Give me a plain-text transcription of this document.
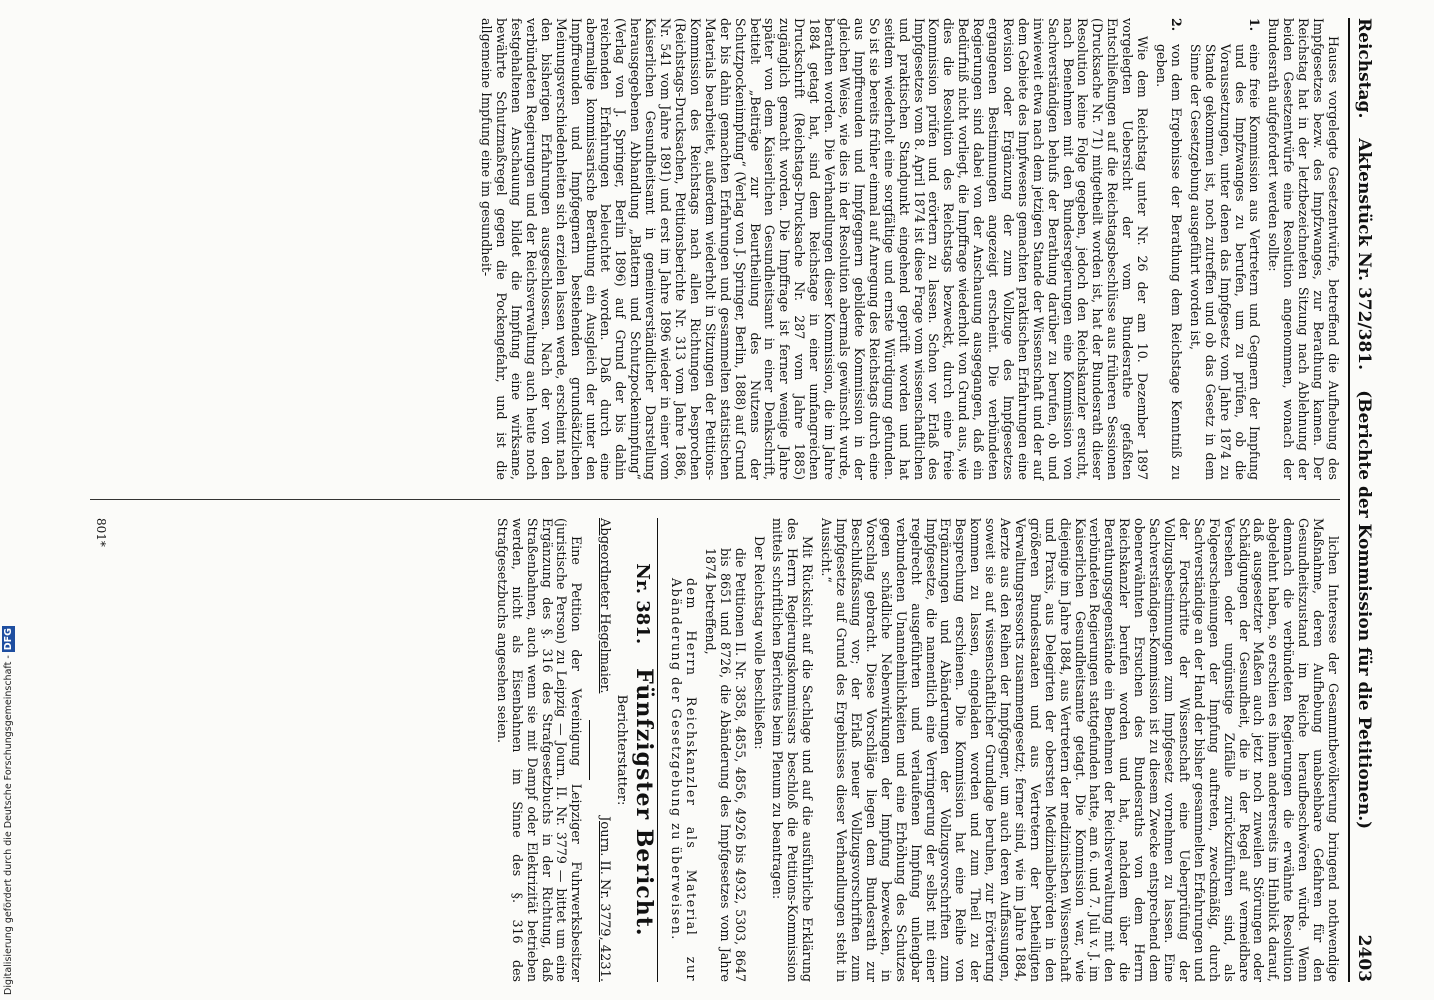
Reichstag.
Aktenstück Nr. 372/381.
(Berichte der Kommission für die Petitionen.)
2403

Hauses vorgelegte Gesetzentwürfe, betreffend die Aufhebung des Impfgesetzes bezw. des Impfzwanges, zur Berathung kamen. Der Reichstag hat in der letztbezeichneten Sitzung nach Ablehnung der beiden Gesetzentwürfe eine Resolution angenommen, wonach der Bundesrath aufgefordert werden sollte:

1.
eine freie Kommission aus Vertretern und Gegnern der Impfung und des Impfzwanges zu berufen, um zu prüfen, ob die Voraussetzungen, unter denen das Impfgesetz vom Jahre 1874 zu Stande gekommen ist, noch zutreffen und ob das Gesetz in dem Sinne der Gesetzgebung ausgeführt worden ist,

2.
von dem Ergebnisse der Berathung dem Reichstage Kenntniß zu geben.

Wie dem Reichstag unter Nr. 26 der am 10. Dezember 1897 vorgelegten Uebersicht der vom Bundesrathe gefaßten Entschließungen auf die Reichstagsbeschlüsse aus früheren Sessionen (Drucksache Nr. 71) mitgetheilt worden ist, hat der Bundesrath dieser Resolution keine Folge gegeben, jedoch den Reichskanzler ersucht, nach Benehmen mit den Bundesregierungen eine Kommission von Sachverständigen behufs der Berathung darüber zu berufen, ob und inwieweit etwa nach dem jetzigen Stande der Wissenschaft und der auf dem Gebiete des Impfwesens gemachten praktischen Erfahrungen eine Revision oder Ergänzung der zum Vollzuge des Impfgesetzes ergangenen Bestimmungen angezeigt erscheint. Die verbündeten Regierungen sind dabei von der Anschauung ausgegangen, daß ein Bedürfniß nicht vorliegt, die Impffrage wiederholt von Grund aus, wie dies die Resolution des Reichstags bezweckt, durch eine freie Kommission prüfen und erörtern zu lassen. Schon vor Erlaß des Impfgesetzes vom 8. April 1874 ist diese Frage vom wissenschaftlichen und praktischen Standpunkt eingehend geprüft worden und hat seitdem wiederholt eine sorgfältige und ernste Würdigung gefunden. So ist sie bereits früher einmal auf Anregung des Reichstags durch eine aus Impffreunden und Impfgegnern gebildete Kommission in der gleichen Weise, wie dies in der Resolution abermals gewünscht wurde, berathen worden. Die Verhandlungen dieser Kommission, die im Jahre 1884 getagt hat, sind dem Reichstage in einer umfangreichen Druckschrift (Reichstags-Drucksache Nr. 287 vom Jahre 1885) zugänglich gemacht worden. Die Impffrage ist ferner wenige Jahre später von dem Kaiserlichen Gesundheitsamt in einer Denkschrift, betitelt „Beiträge zur Beurtheilung des Nutzens der Schutzpockenimpfung“ (Verlag von J. Springer, Berlin, 1888) auf Grund der bis dahin gemachten Erfahrungen und gesammelten statistischen Materials bearbeitet, außerdem wiederholt in Sitzungen der Petitions-Kommission des Reichstags nach allen Richtungen besprochen (Reichstags-Drucksachen, Petitionsberichte Nr. 313 vom Jahre 1886, Nr. 541 vom Jahre 1891) und erst im Jahre 1896 wieder in einer vom Kaiserlichen Gesundheitsamt in gemeinverständlicher Darstellung herausgegebenen Abhandlung „Blattern und Schutzpockenimpfung“ (Verlag von J. Springer, Berlin 1896) auf Grund der bis dahin reichenden Erfahrungen beleuchtet worden. Daß durch eine abermalige kommissarische Berathung ein Ausgleich der unter den Impffreunden und Impfgegnern bestehenden grundsätzlichen Meinungsverschiedenheiten sich erzielen lassen werde, erscheint nach den bisherigen Erfahrungen ausgeschlossen. Nach der von den verbündeten Regierungen und der Reichsverwaltung auch heute noch festgehaltenen Anschauung bildet die Impfung eine wirksame, bewährte Schutzmaßregel gegen die Pockengefahr, und ist die allgemeine Impfung eine im gesundheit-

lichen Interesse der Gesammtbevölkerung bringend nothwendige Maßnahme, deren Aufhebung unabsehbare Gefahren für den Gesundheitszustand im Reiche heraufbeschwören würde. Wenn demnach die verbündeten Regierungen die erwähnte Resolution abgelehnt haben, so erschien es ihnen andererseits im Hinblick darauf, daß ausgesetzter Maßen auch jetzt noch zuweilen Störungen oder Schädigungen der Gesundheit, die in der Regel auf vermeidbare Versehen oder ungünstige Zufälle zurückzuführen sind, als Folgeerscheinungen der Impfung auftreten, zweckmäßig, durch Sachverständige an der Hand der bisher gesammelten Erfahrungen und der Fortschritte der Wissenschaft eine Ueberprüfung der Vollzugsbestimmungen zum Impfgesetz vornehmen zu lassen. Eine Sachverständigen-Kommission ist zu diesem Zwecke entsprechend dem obenerwähnten Ersuchen des Bundesraths von dem Herrn Reichskanzler berufen worden und hat, nachdem über die Berathungsgegenstände ein Benehmen der Reichsverwaltung mit den verbündeten Regierungen stattgefunden hatte, am 6. und 7. Juli v. J. im Kaiserlichen Gesundheitsamte getagt. Die Kommission war, wie diejenige im Jahre 1884, aus Vertretern der medizinischen Wissenschaft und Praxis, aus Delegirten der obersten Medizinalbehörden in den größeren Bundesstaaten und aus Vertretern der betheiligten Verwaltungsressorts zusammengesetzt; ferner sind, wie im Jahre 1884, Aerzte aus den Reihen der Impfgegner, um auch deren Auffassungen, soweit sie auf wissenschaftlicher Grundlage beruhen, zur Erörterung kommen zu lassen, eingeladen worden und zum Theil zu der Besprechung erschienen. Die Kommission hat eine Reihe von Ergänzungen und Abänderungen der Vollzugsvorschriften zum Impfgesetze, die namentlich eine Verringerung der selbst mit einer regelrecht ausgeführten und verlaufenen Impfung unlengbar verbundenen Unannehmlichkeiten und eine Erhöhung des Schutzes gegen schädliche Nebenwirkungen der Impfung bezwecken, in Vorschlag gebracht. Diese Vorschläge liegen dem Bundesrath zur Beschlußfassung vor; der Erlaß neuer Vollzugsvorschriften zum Impfgesetze auf Grund des Ergebnisses dieser Verhandlungen steht in Aussicht.“

Mit Rücksicht auf die Sachlage und auf die ausführliche Erklärung des Herrn Regierungskommissars beschloß die Petitions-Kommission mittels schriftlichen Berichtes beim Plenum zu beantragen:

Der Reichstag wolle beschließen:

die Petitionen II. Nr. 3858, 4855, 4856, 4926 bis 4932, 5303, 8647 bis 8651 und 8726, die Abänderung des Impfgesetzes vom Jahre 1874 betreffend,

dem Herrn Reichskanzler als Material zur Abänderung der Gesetzgebung zu überweisen.

Nr. 381.
Fünfzigster Bericht.
Berichterstatter:
Abgeordneter Hegelmaier.
Journ. II. Nr. 3779, 4231.

Eine Petition der Vereinigung Leipziger Fuhrwerksbesitzer (juristische Person) zu Leipzig — Journ. II. Nr. 3779 — bittet um eine Ergänzung des §. 316 des Strafgesetzbuchs in der Richtung, daß Straßenbahnen, auch wenn sie mit Dampf oder Elektrizität betrieben werden, nicht als Eisenbahnen im Sinne des §. 316 des Strafgesetzbuchs angesehen seien.

801*
Digitalisierung gefördert durch die Deutsche Forschungsgemeinschaft - DFG
